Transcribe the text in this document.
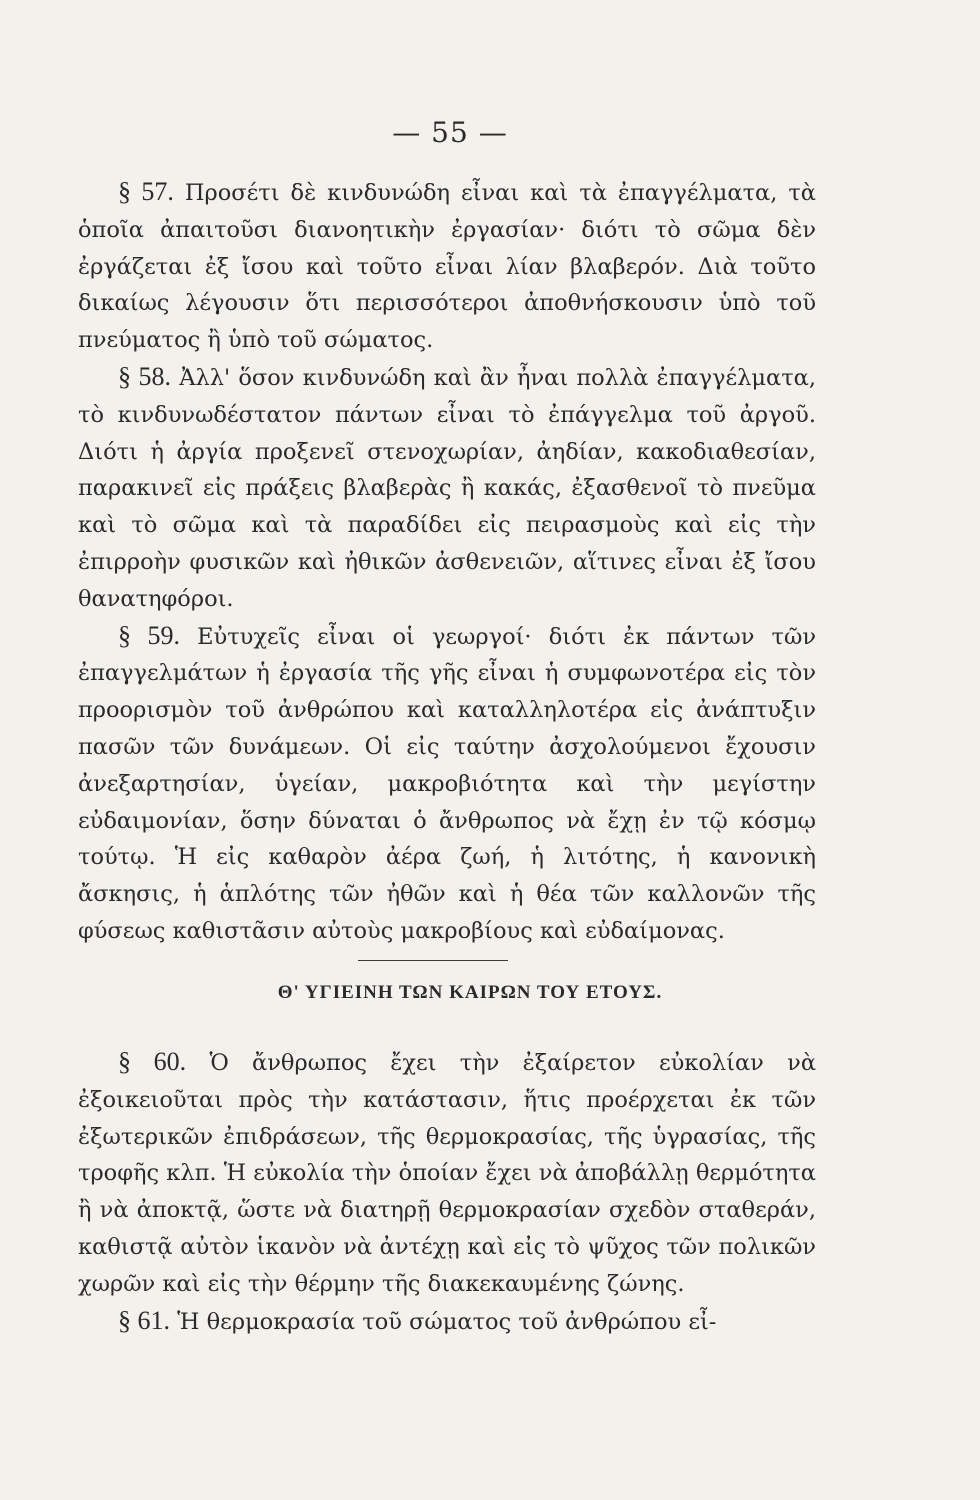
— 55 —

§ 57. Προσέτι δὲ κινδυνώδη εἶναι καὶ τὰ ἐπαγγέλματα, τὰ ὁποῖα ἀπαιτοῦσι διανοητικὴν ἐργασίαν· διότι τὸ σῶμα δὲν ἐργάζεται ἐξ ἴσου καὶ τοῦτο εἶναι λίαν βλαβερόν. Διὰ τοῦτο δικαίως λέγουσιν ὅτι περισσότεροι ἀποθνήσκουσιν ὑπὸ τοῦ πνεύματος ἢ ὑπὸ τοῦ σώματος.

§ 58. Ἀλλ' ὅσον κινδυνώδη καὶ ἂν ἦναι πολλὰ ἐπαγγέλματα, τὸ κινδυνωδέστατον πάντων εἶναι τὸ ἐπάγγελμα τοῦ ἀργοῦ. Διότι ἡ ἀργία προξενεῖ στενοχωρίαν, ἀηδίαν, κακοδιαθεσίαν, παρακινεῖ εἰς πράξεις βλαβερὰς ἢ κακάς, ἐξασθενοῖ τὸ πνεῦμα καὶ τὸ σῶμα καὶ τὰ παραδίδει εἰς πειρασμοὺς καὶ εἰς τὴν ἐπιρροὴν φυσικῶν καὶ ἠθικῶν ἀσθενειῶν, αἵτινες εἶναι ἐξ ἴσου θανατηφόροι.

§ 59. Εὐτυχεῖς εἶναι οἱ γεωργοί· διότι ἐκ πάντων τῶν ἐπαγγελμάτων ἡ ἐργασία τῆς γῆς εἶναι ἡ συμφωνοτέρα εἰς τὸν προορισμὸν τοῦ ἀνθρώπου καὶ καταλληλοτέρα εἰς ἀνάπτυξιν πασῶν τῶν δυνάμεων. Οἱ εἰς ταύτην ἀσχολούμενοι ἔχουσιν ἀνεξαρτησίαν, ὑγείαν, μακροβιότητα καὶ τὴν μεγίστην εὐδαιμονίαν, ὅσην δύναται ὁ ἄνθρωπος νὰ ἔχῃ ἐν τῷ κόσμῳ τούτῳ. Ἡ εἰς καθαρὸν ἀέρα ζωή, ἡ λιτότης, ἡ κανονικὴ ἄσκησις, ἡ ἁπλότης τῶν ἠθῶν καὶ ἡ θέα τῶν καλλονῶν τῆς φύσεως καθιστᾶσιν αὐτοὺς μακροβίους καὶ εὐδαίμονας.

Θ' ΥΓΙΕΙΝΗ ΤΩΝ ΚΑΙΡΩΝ ΤΟΥ ΕΤΟΥΣ.

§ 60. Ὁ ἄνθρωπος ἔχει τὴν ἐξαίρετον εὐκολίαν νὰ ἐξοικειοῦται πρὸς τὴν κατάστασιν, ἥτις προέρχεται ἐκ τῶν ἐξωτερικῶν ἐπιδράσεων, τῆς θερμοκρασίας, τῆς ὑγρασίας, τῆς τροφῆς κλπ. Ἡ εὐκολία τὴν ὁποίαν ἔχει νὰ ἀποβάλλῃ θερμότητα ἢ νὰ ἀποκτᾷ, ὥστε νὰ διατηρῇ θερμοκρασίαν σχεδὸν σταθεράν, καθιστᾷ αὐτὸν ἱκανὸν νὰ ἀντέχῃ καὶ εἰς τὸ ψῦχος τῶν πολικῶν χωρῶν καὶ εἰς τὴν θέρμην τῆς διακεκαυμένης ζώνης.

§ 61. Ἡ θερμοκρασία τοῦ σώματος τοῦ ἀνθρώπου εἶ-
